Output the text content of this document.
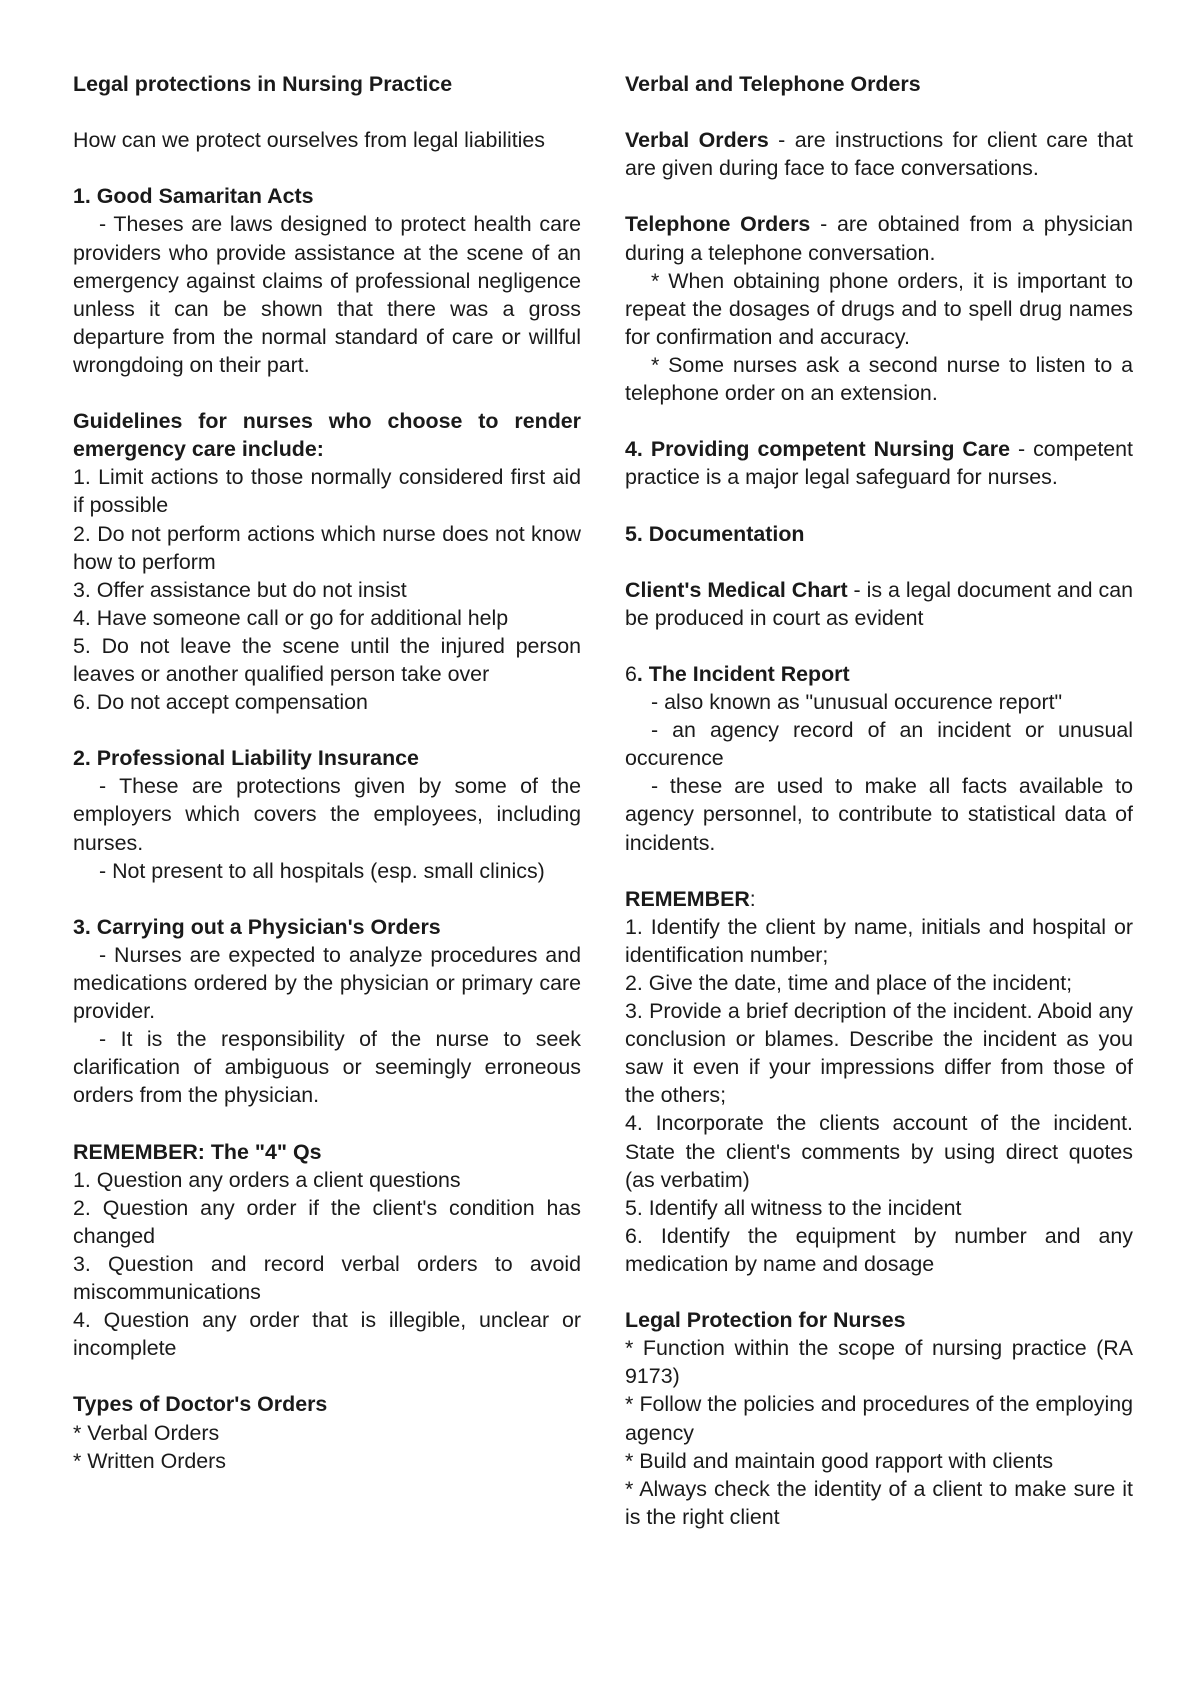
Legal protections in Nursing Practice
How can we protect ourselves from legal liabilities
1. Good Samaritan Acts
- Theses are laws designed to protect health care providers who provide assistance at the scene of an emergency against claims of professional negligence unless it can be shown that there was a gross departure from the normal standard of care or willful wrongdoing on their part.
Guidelines for nurses who choose to render emergency care include:
1. Limit actions to those normally considered first aid if possible
2. Do not perform actions which nurse does not know how to perform
3. Offer assistance but do not insist
4. Have someone call or go for additional help
5. Do not leave the scene until the injured person leaves or another qualified person take over
6. Do not accept compensation
2. Professional Liability Insurance
- These are protections given by some of the employers which covers the employees, including nurses.
- Not present to all hospitals (esp. small clinics)
3. Carrying out a Physician's Orders
- Nurses are expected to analyze procedures and medications ordered by the physician or primary care provider.
- It is the responsibility of the nurse to seek clarification of ambiguous or seemingly erroneous orders from the physician.
REMEMBER: The "4" Qs
1. Question any orders a client questions
2. Question any order if the client's condition has changed
3. Question and record verbal orders to avoid miscommunications
4. Question any order that is illegible, unclear or incomplete
Types of Doctor's Orders
* Verbal Orders
* Written Orders
Verbal and Telephone Orders
Verbal Orders - are instructions for client care that are given during face to face conversations.
Telephone Orders - are obtained from a physician during a telephone conversation.
* When obtaining phone orders, it is important to repeat the dosages of drugs and to spell drug names for confirmation and accuracy.
* Some nurses ask a second nurse to listen to a telephone order on an extension.
4. Providing competent Nursing Care - competent practice is a major legal safeguard for nurses.
5. Documentation
Client's Medical Chart - is a legal document and can be produced in court as evident
6. The Incident Report
- also known as "unusual occurence report"
- an agency record of an incident or unusual occurence
- these are used to make all facts available to agency personnel, to contribute to statistical data of incidents.
REMEMBER:
1. Identify the client by name, initials and hospital or identification number;
2. Give the date, time and place of the incident;
3. Provide a brief decription of the incident. Aboid any conclusion or blames. Describe the incident as you saw it even if your impressions differ from those of the others;
4. Incorporate the clients account of the incident. State the client's comments by using direct quotes (as verbatim)
5. Identify all witness to the incident
6. Identify the equipment by number and any medication by name and dosage
Legal Protection for Nurses
* Function within the scope of nursing practice (RA 9173)
* Follow the policies and procedures of the employing agency
* Build and maintain good rapport with clients
* Always check the identity of a client to make sure it is the right client
